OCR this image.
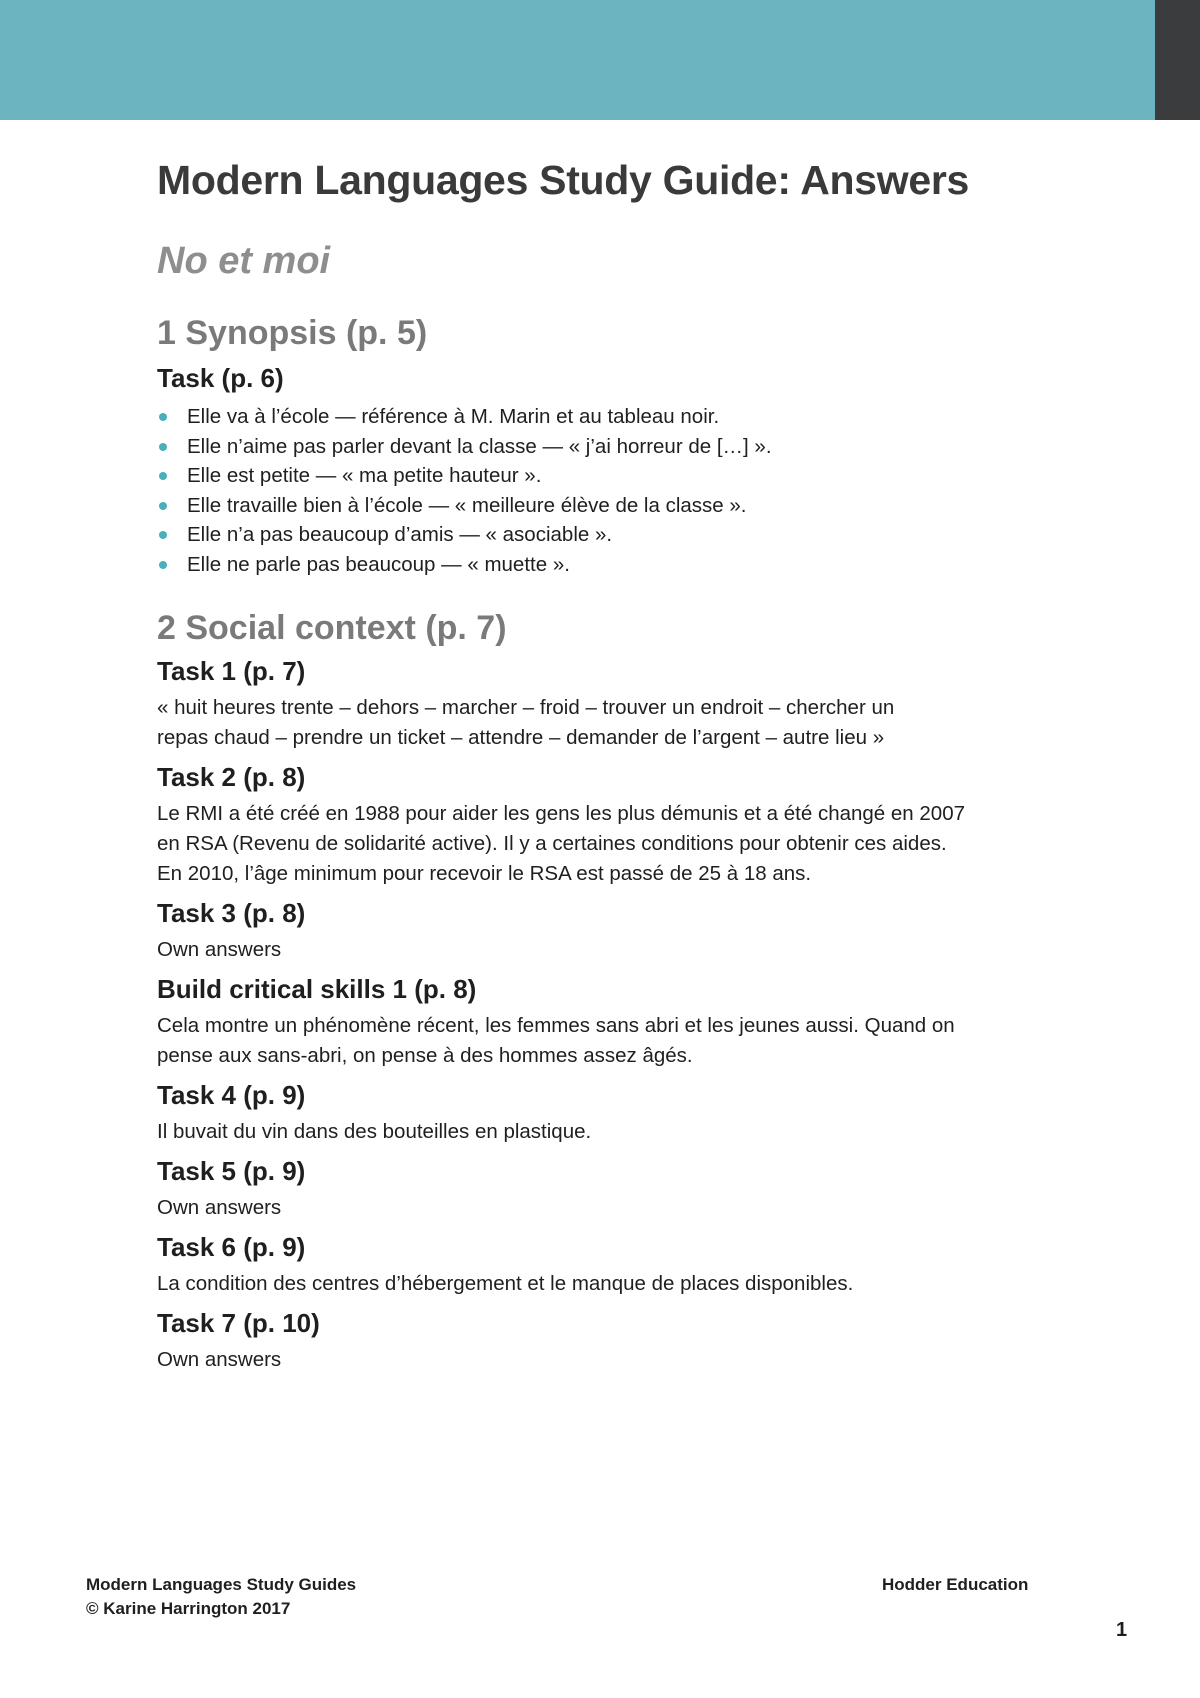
Modern Languages Study Guide: Answers
No et moi
1 Synopsis (p. 5)
Task (p. 6)
Elle va à l’école — référence à M. Marin et au tableau noir.
Elle n’aime pas parler devant la classe — « j’ai horreur de […] ».
Elle est petite — « ma petite hauteur ».
Elle travaille bien à l’école — « meilleure élève de la classe ».
Elle n’a pas beaucoup d’amis — « asociable ».
Elle ne parle pas beaucoup — « muette ».
2 Social context (p. 7)
Task 1 (p. 7)

« huit heures trente – dehors – marcher – froid – trouver un endroit – chercher un

repas chaud – prendre un ticket – attendre – demander de l’argent – autre lieu »

Task 2 (p. 8)

Le RMI a été créé en 1988 pour aider les gens les plus démunis et a été changé en 2007

en RSA (Revenu de solidarité active). Il y a certaines conditions pour obtenir ces aides.

En 2010, l’âge minimum pour recevoir le RSA est passé de 25 à 18 ans.

Task 3 (p. 8)

Own answers

Build critical skills 1 (p. 8)

Cela montre un phénomène récent, les femmes sans abri et les jeunes aussi. Quand on

pense aux sans-abri, on pense à des hommes assez âgés.

Task 4 (p. 9)

Il buvait du vin dans des bouteilles en plastique.

Task 5 (p. 9)

Own answers

Task 6 (p. 9)

La condition des centres d’hébergement et le manque de places disponibles.

Task 7 (p. 10)

Own answers

Modern Languages Study Guides
© Karine Harrington 2017
Hodder Education
1
